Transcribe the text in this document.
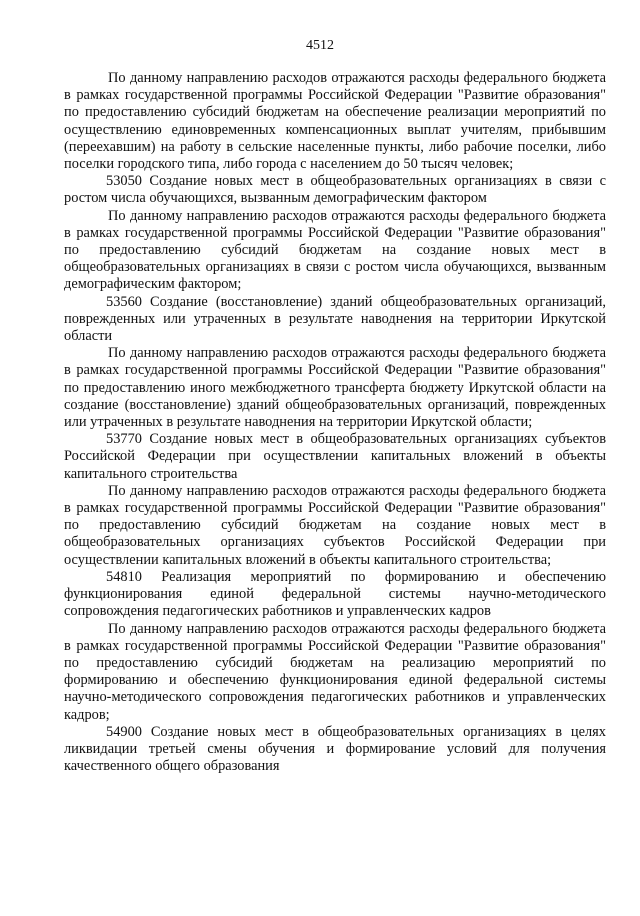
4512

По данному направлению расходов отражаются расходы федерального бюджета в рамках государственной программы Российской Федерации "Развитие образования" по предоставлению субсидий бюджетам на обеспечение реализации мероприятий по осуществлению единовременных компенсационных выплат учителям, прибывшим (переехавшим) на работу в сельские населенные пункты, либо рабочие поселки, либо поселки городского типа, либо города с населением до 50 тысяч человек;

53050 Создание новых мест в общеобразовательных организациях в связи с ростом числа обучающихся, вызванным демографическим фактором

По данному направлению расходов отражаются расходы федерального бюджета в рамках государственной программы Российской Федерации "Развитие образования" по предоставлению субсидий бюджетам на создание новых мест в общеобразовательных организациях в связи с ростом числа обучающихся, вызванным демографическим фактором;

53560 Создание (восстановление) зданий общеобразовательных организаций, поврежденных или утраченных в результате наводнения на территории Иркутской области

По данному направлению расходов отражаются расходы федерального бюджета в рамках государственной программы Российской Федерации "Развитие образования" по предоставлению иного межбюджетного трансферта бюджету Иркутской области на создание (восстановление) зданий общеобразовательных организаций, поврежденных или утраченных в результате наводнения на территории Иркутской области;

53770 Создание новых мест в общеобразовательных организациях субъектов Российской Федерации при осуществлении капитальных вложений в объекты капитального строительства

По данному направлению расходов отражаются расходы федерального бюджета в рамках государственной программы Российской Федерации "Развитие образования" по предоставлению субсидий бюджетам на создание новых мест в общеобразовательных организациях субъектов Российской Федерации при осуществлении капитальных вложений в объекты капитального строительства;

54810 Реализация мероприятий по формированию и обеспечению функционирования единой федеральной системы научно-методического сопровождения педагогических работников и управленческих кадров

По данному направлению расходов отражаются расходы федерального бюджета в рамках государственной программы Российской Федерации "Развитие образования" по предоставлению субсидий бюджетам на реализацию мероприятий по формированию и обеспечению функционирования единой федеральной системы научно-методического сопровождения педагогических работников и управленческих кадров;

54900 Создание новых мест в общеобразовательных организациях в целях ликвидации третьей смены обучения и формирование условий для получения качественного общего образования
